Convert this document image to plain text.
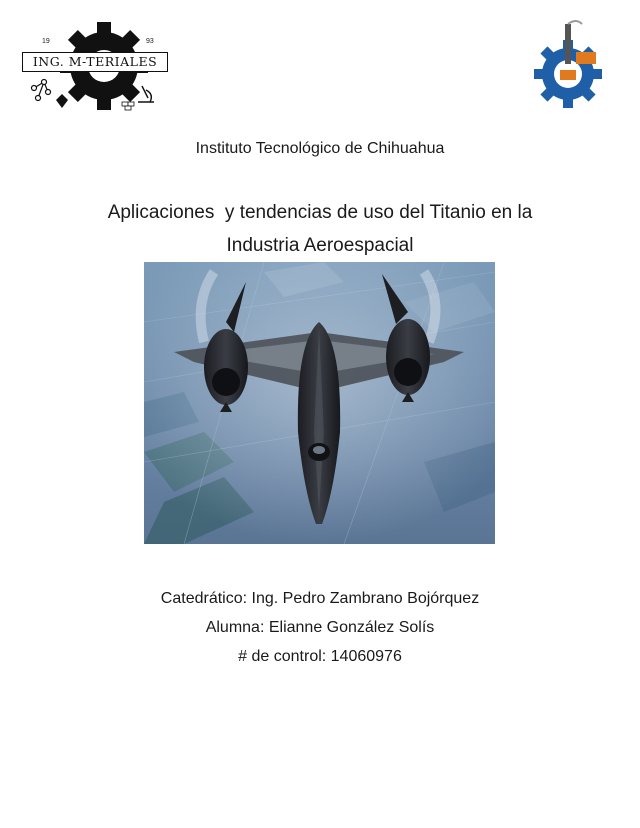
19	93
ING. M-TERIALES
Instituto Tecnológico de Chihuahua
Aplicaciones  y tendencias de uso del Titanio en la
Industria Aeroespacial
Catedrático: Ing. Pedro Zambrano Bojórquez
Alumna: Elianne González Solís
# de control: 14060976
